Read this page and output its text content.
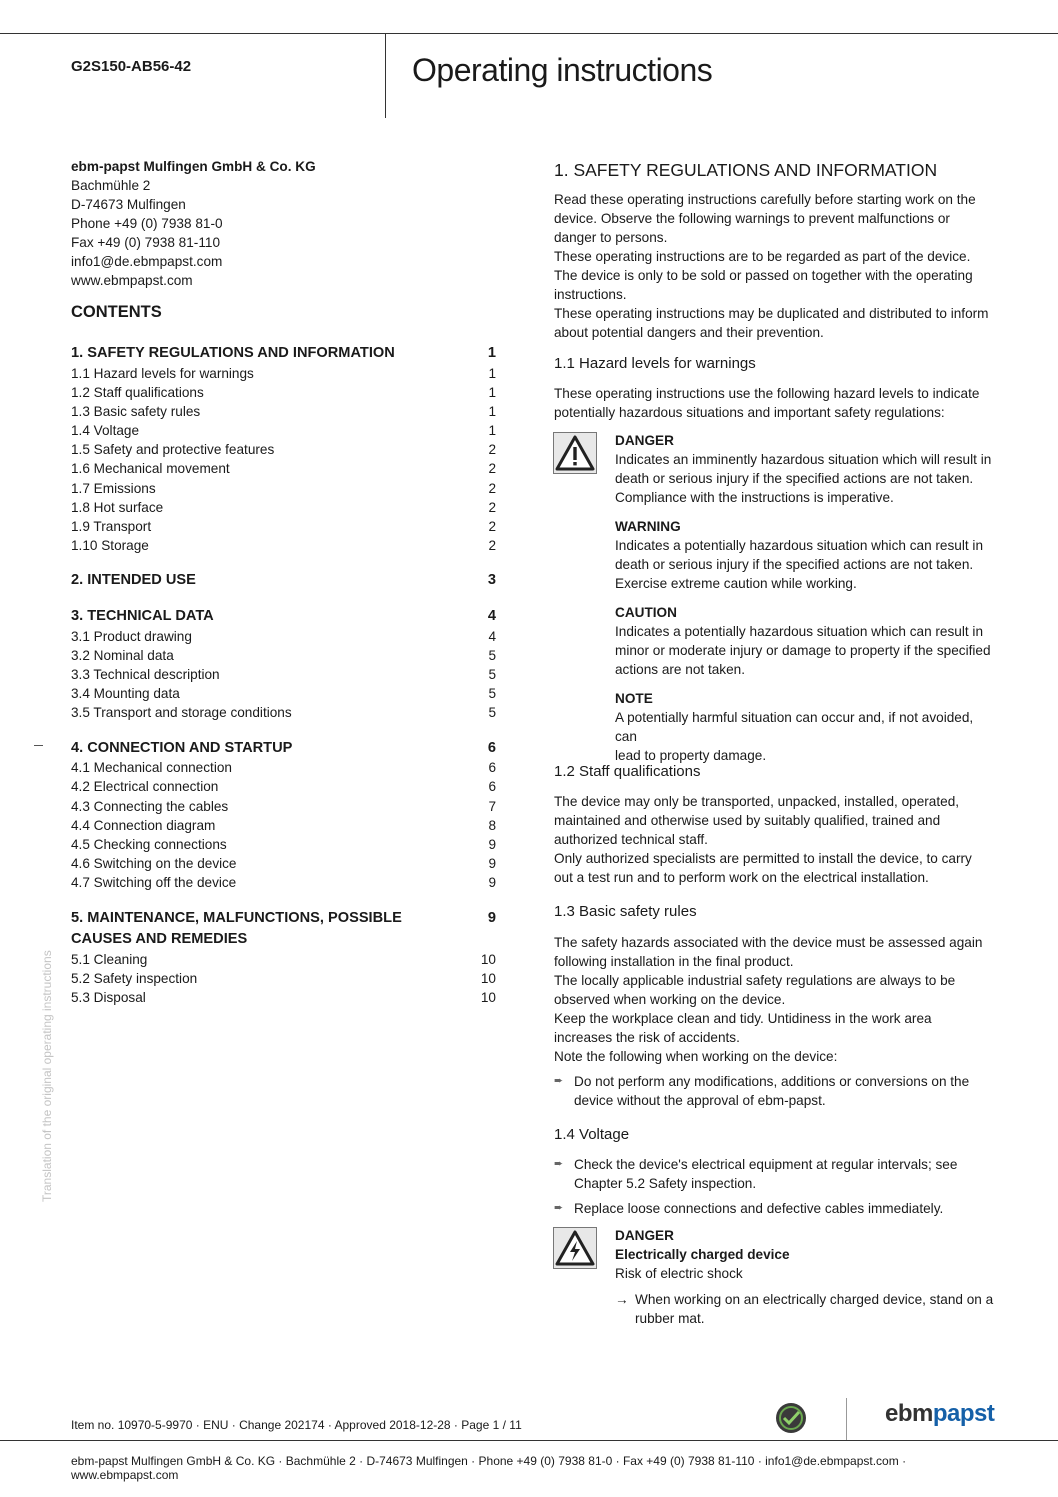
G2S150-AB56-42	Operating instructions
ebm-papst Mulfingen GmbH & Co. KG
Bachmühle 2
D-74673 Mulfingen
Phone +49 (0) 7938 81-0
Fax +49 (0) 7938 81-110
info1@de.ebmpapst.com
www.ebmpapst.com
CONTENTS
1. SAFETY REGULATIONS AND INFORMATION	1
1.1 Hazard levels for warnings	1
1.2 Staff qualifications	1
1.3 Basic safety rules	1
1.4 Voltage	1
1.5 Safety and protective features	2
1.6 Mechanical movement	2
1.7 Emissions	2
1.8 Hot surface	2
1.9 Transport	2
1.10 Storage	2
2. INTENDED USE	3
3. TECHNICAL DATA	4
3.1 Product drawing	4
3.2 Nominal data	5
3.3 Technical description	5
3.4 Mounting data	5
3.5 Transport and storage conditions	5
4. CONNECTION AND STARTUP	6
4.1 Mechanical connection	6
4.2 Electrical connection	6
4.3 Connecting the cables	7
4.4 Connection diagram	8
4.5 Checking connections	9
4.6 Switching on the device	9
4.7 Switching off the device	9
5. MAINTENANCE, MALFUNCTIONS, POSSIBLE	9
CAUSES AND REMEDIES
5.1 Cleaning	10
5.2 Safety inspection	10
5.3 Disposal	10
Translation of the original operating instructions
1. SAFETY REGULATIONS AND INFORMATION
Read these operating instructions carefully before starting work on the
device. Observe the following warnings to prevent malfunctions or
danger to persons.
These operating instructions are to be regarded as part of the device.
The device is only to be sold or passed on together with the operating
instructions.
These operating instructions may be duplicated and distributed to inform
about potential dangers and their prevention.
1.1 Hazard levels for warnings
These operating instructions use the following hazard levels to indicate
potentially hazardous situations and important safety regulations:
DANGER
Indicates an imminently hazardous situation which will result in
death or serious injury if the specified actions are not taken.
Compliance with the instructions is imperative.
WARNING
Indicates a potentially hazardous situation which can result in
death or serious injury if the specified actions are not taken.
Exercise extreme caution while working.
CAUTION
Indicates a potentially hazardous situation which can result in
minor or moderate injury or damage to property if the specified
actions are not taken.
NOTE
A potentially harmful situation can occur and, if not avoided, can
lead to property damage.
1.2 Staff qualifications
The device may only be transported, unpacked, installed, operated,
maintained and otherwise used by suitably qualified, trained and
authorized technical staff.
Only authorized specialists are permitted to install the device, to carry
out a test run and to perform work on the electrical installation.
1.3 Basic safety rules
The safety hazards associated with the device must be assessed again
following installation in the final product.
The locally applicable industrial safety regulations are always to be
observed when working on the device.
Keep the workplace clean and tidy. Untidiness in the work area
increases the risk of accidents.
Note the following when working on the device:
➨ Do not perform any modifications, additions or conversions on the
device without the approval of ebm-papst.
1.4 Voltage
➨ Check the device's electrical equipment at regular intervals; see
Chapter 5.2 Safety inspection.
➨ Replace loose connections and defective cables immediately.
DANGER
Electrically charged device
Risk of electric shock
→ When working on an electrically charged device, stand on a
rubber mat.
Item no. 10970-5-9970 · ENU · Change 202174 · Approved 2018-12-28 · Page 1 / 11	ebmpapst
ebm-papst Mulfingen GmbH & Co. KG · Bachmühle 2 · D-74673 Mulfingen · Phone +49 (0) 7938 81-0 · Fax +49 (0) 7938 81-110 · info1@de.ebmpapst.com · www.ebmpapst.com
